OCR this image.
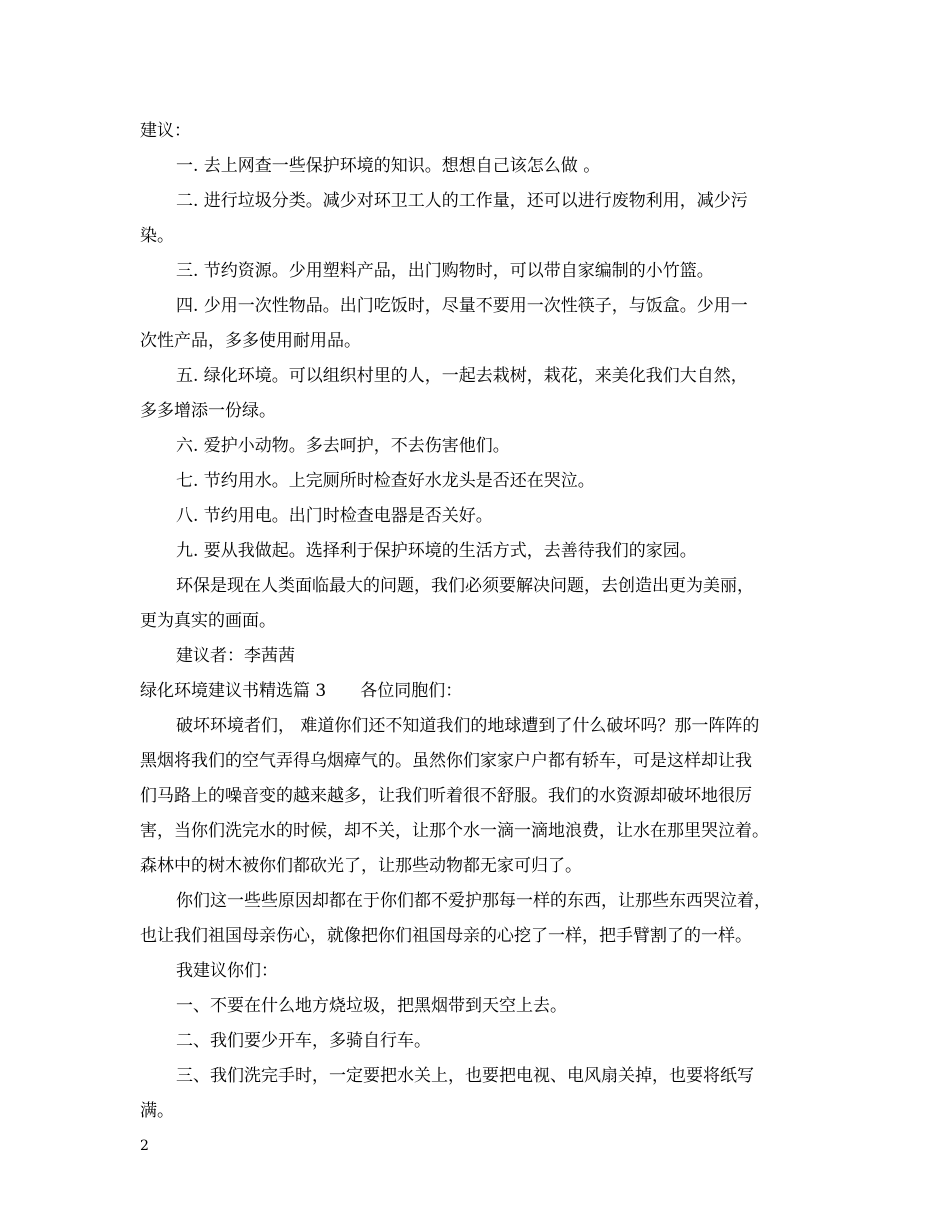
建议：
一. 去上网查一些保护环境的知识。想想自己该怎么做 。
二. 进行垃圾分类。减少对环卫工人的工作量，还可以进行废物利用，减少污
染。
三. 节约资源。少用塑料产品，出门购物时，可以带自家编制的小竹篮。
四. 少用一次性物品。出门吃饭时，尽量不要用一次性筷子，与饭盒。少用一
次性产品，多多使用耐用品。
五. 绿化环境。可以组织村里的人，一起去栽树，栽花，来美化我们大自然，
多多增添一份绿。
六. 爱护小动物。多去呵护，不去伤害他们。
七. 节约用水。上完厕所时检查好水龙头是否还在哭泣。
八. 节约用电。出门时检查电器是否关好。
九. 要从我做起。选择利于保护环境的生活方式，去善待我们的家园。
环保是现在人类面临最大的问题，我们必须要解决问题，去创造出更为美丽，
更为真实的画面。
建议者：李茜茜
绿化环境建议书精选篇 3 各位同胞们：
破坏环境者们， 难道你们还不知道我们的地球遭到了什么破坏吗？那一阵阵的
黑烟将我们的空气弄得乌烟瘴气的。虽然你们家家户户都有轿车，可是这样却让我
们马路上的噪音变的越来越多，让我们听着很不舒服。我们的水资源却破坏地很厉
害，当你们洗完水的时候，却不关，让那个水一滴一滴地浪费，让水在那里哭泣着。
森林中的树木被你们都砍光了，让那些动物都无家可归了。
你们这一些些原因却都在于你们都不爱护那每一样的东西，让那些东西哭泣着，
也让我们祖国母亲伤心，就像把你们祖国母亲的心挖了一样，把手臂割了的一样。
我建议你们：
一、不要在什么地方烧垃圾，把黑烟带到天空上去。
二、我们要少开车，多骑自行车。
三、我们洗完手时，一定要把水关上，也要把电视、电风扇关掉，也要将纸写
满。
2
